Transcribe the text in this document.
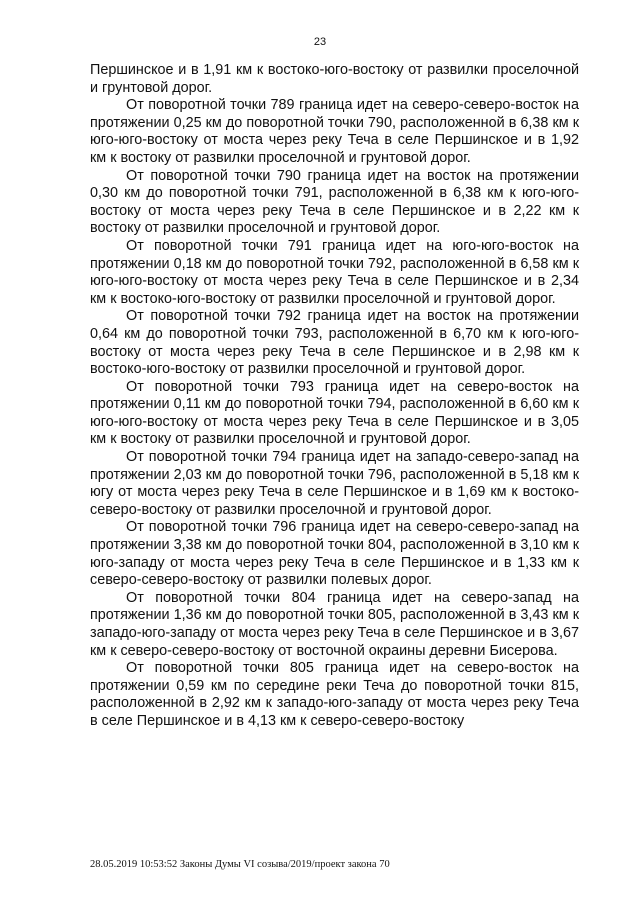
23

Першинское и в 1,91 км к востоко-юго-востоку от развилки проселочной и грунтовой дорог.

От поворотной точки 789 граница идет на северо-северо-восток на протяжении 0,25 км до поворотной точки 790, расположенной в 6,38 км к юго-юго-востоку от моста через реку Теча в селе Першинское и в 1,92 км к востоку от развилки проселочной и грунтовой дорог.

От поворотной точки 790 граница идет на восток на протяжении 0,30 км до поворотной точки 791, расположенной в 6,38 км к юго-юго-востоку от моста через реку Теча в селе Першинское и в 2,22 км к востоку от развилки проселочной и грунтовой дорог.

От поворотной точки 791 граница идет на юго-юго-восток на протяжении 0,18 км до поворотной точки 792, расположенной в 6,58 км к юго-юго-востоку от моста через реку Теча в селе Першинское и в 2,34 км к востоко-юго-востоку от развилки проселочной и грунтовой дорог.

От поворотной точки 792 граница идет на восток на протяжении 0,64 км до поворотной точки 793, расположенной в 6,70 км к юго-юго-востоку от моста через реку Теча в селе Першинское и в 2,98 км к востоко-юго-востоку от развилки проселочной и грунтовой дорог.

От поворотной точки 793 граница идет на северо-восток на протяжении 0,11 км до поворотной точки 794, расположенной в 6,60 км к юго-юго-востоку от моста через реку Теча в селе Першинское и в 3,05 км к востоку от развилки проселочной и грунтовой дорог.

От поворотной точки 794 граница идет на западо-северо-запад на протяжении 2,03 км до поворотной точки 796, расположенной в 5,18 км к югу от моста через реку Теча в селе Першинское и в 1,69 км к востоко-северо-востоку от развилки проселочной и грунтовой дорог.

От поворотной точки 796 граница идет на северо-северо-запад на протяжении 3,38 км до поворотной точки 804, расположенной в 3,10 км к юго-западу от моста через реку Теча в селе Першинское и в 1,33 км к северо-северо-востоку от развилки полевых дорог.

От поворотной точки 804 граница идет на северо-запад на протяжении 1,36 км до поворотной точки 805, расположенной в 3,43 км к западо-юго-западу от моста через реку Теча в селе Першинское и в 3,67 км к северо-северо-востоку от восточной окраины деревни Бисерова.

От поворотной точки 805 граница идет на северо-восток на протяжении 0,59 км по середине реки Теча до поворотной точки 815, расположенной в 2,92 км к западо-юго-западу от моста через реку Теча в селе Першинское и в 4,13 км к северо-северо-востоку

28.05.2019 10:53:52 Законы Думы VI созыва/2019/проект закона 70
